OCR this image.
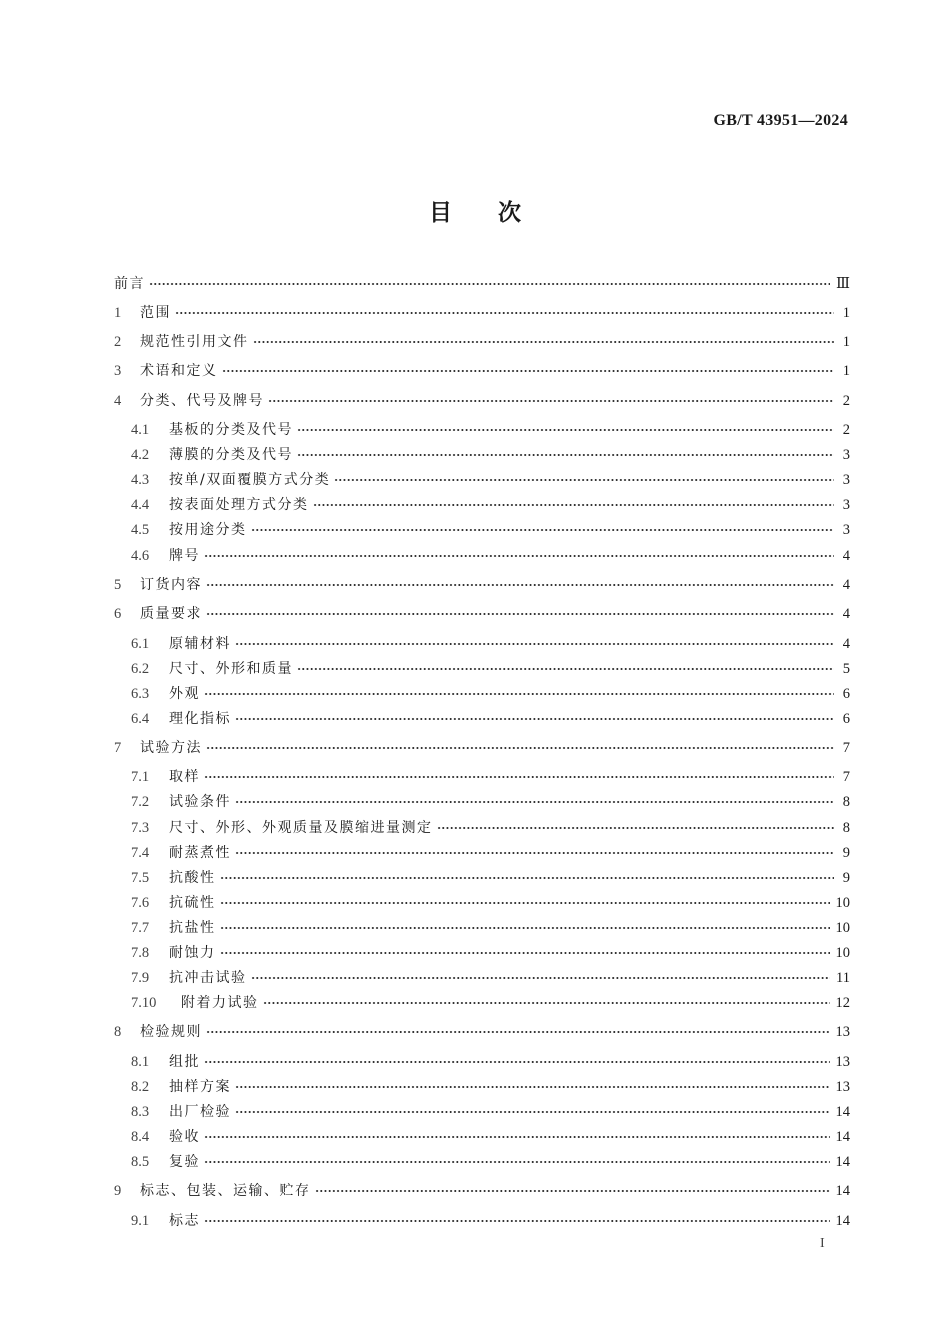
GB/T 43951—2024
目　　次
前言	Ⅲ
1	范围	1
2	规范性引用文件	1
3	术语和定义	1
4	分类、代号及牌号	2
4.1	基板的分类及代号	2
4.2	薄膜的分类及代号	3
4.3	按单/双面覆膜方式分类	3
4.4	按表面处理方式分类	3
4.5	按用途分类	3
4.6	牌号	4
5	订货内容	4
6	质量要求	4
6.1	原辅材料	4
6.2	尺寸、外形和质量	5
6.3	外观	6
6.4	理化指标	6
7	试验方法	7
7.1	取样	7
7.2	试验条件	8
7.3	尺寸、外形、外观质量及膜缩进量测定	8
7.4	耐蒸煮性	9
7.5	抗酸性	9
7.6	抗硫性	10
7.7	抗盐性	10
7.8	耐蚀力	10
7.9	抗冲击试验	11
7.10	附着力试验	12
8	检验规则	13
8.1	组批	13
8.2	抽样方案	13
8.3	出厂检验	14
8.4	验收	14
8.5	复验	14
9	标志、包装、运输、贮存	14
9.1	标志	14
I
